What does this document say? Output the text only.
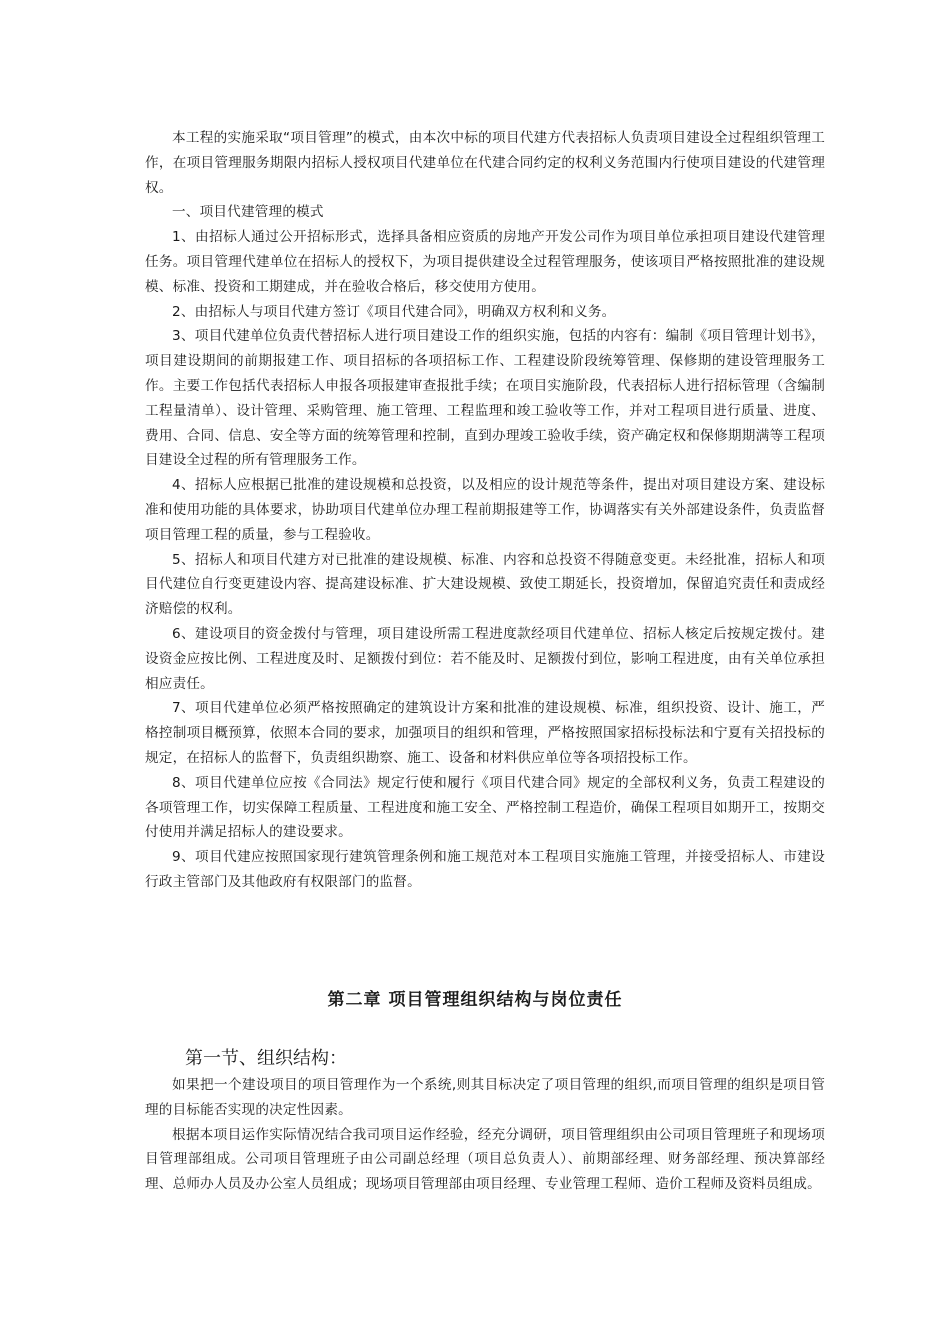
本工程的实施采取“项目管理”的模式，由本次中标的项目代建方代表招标人负责项目建设全过程组织管理工作，在项目管理服务期限内招标人授权项目代建单位在代建合同约定的权利义务范围内行使项目建设的代建管理权。

一、项目代建管理的模式

1、由招标人通过公开招标形式，选择具备相应资质的房地产开发公司作为项目单位承担项目建设代建管理任务。项目管理代建单位在招标人的授权下，为项目提供建设全过程管理服务，使该项目严格按照批准的建设规模、标准、投资和工期建成，并在验收合格后，移交使用方使用。

2、由招标人与项目代建方签订《项目代建合同》，明确双方权利和义务。

3、项目代建单位负责代替招标人进行项目建设工作的组织实施，包括的内容有：编制《项目管理计划书》，项目建设期间的前期报建工作、项目招标的各项招标工作、工程建设阶段统筹管理、保修期的建设管理服务工作。主要工作包括代表招标人申报各项报建审查报批手续；在项目实施阶段，代表招标人进行招标管理（含编制工程量清单）、设计管理、采购管理、施工管理、工程监理和竣工验收等工作，并对工程项目进行质量、进度、费用、合同、信息、安全等方面的统筹管理和控制，直到办理竣工验收手续，资产确定权和保修期期满等工程项目建设全过程的所有管理服务工作。

4、招标人应根据已批准的建设规模和总投资，以及相应的设计规范等条件，提出对项目建设方案、建设标准和使用功能的具体要求，协助项目代建单位办理工程前期报建等工作，协调落实有关外部建设条件，负责监督项目管理工程的质量，参与工程验收。

5、招标人和项目代建方对已批准的建设规模、标准、内容和总投资不得随意变更。未经批准，招标人和项目代建位自行变更建设内容、提高建设标准、扩大建设规模、致使工期延长，投资增加，保留追究责任和责成经济赔偿的权利。

6、建设项目的资金拨付与管理，项目建设所需工程进度款经项目代建单位、招标人核定后按规定拨付。建设资金应按比例、工程进度及时、足额拨付到位：若不能及时、足额拨付到位，影响工程进度，由有关单位承担相应责任。

7、项目代建单位必须严格按照确定的建筑设计方案和批准的建设规模、标准，组织投资、设计、施工，严格控制项目概预算，依照本合同的要求，加强项目的组织和管理，严格按照国家招标投标法和宁夏有关招投标的规定，在招标人的监督下，负责组织勘察、施工、设备和材料供应单位等各项招投标工作。

8、项目代建单位应按《合同法》规定行使和履行《项目代建合同》规定的全部权利义务，负责工程建设的各项管理工作，切实保障工程质量、工程进度和施工安全、严格控制工程造价，确保工程项目如期开工，按期交付使用并满足招标人的建设要求。

9、项目代建应按照国家现行建筑管理条例和施工规范对本工程项目实施施工管理，并接受招标人、市建设行政主管部门及其他政府有权限部门的监督。

第二章 项目管理组织结构与岗位责任
第一节、组织结构：

如果把一个建设项目的项目管理作为一个系统,则其目标决定了项目管理的组织,而项目管理的组织是项目管理的目标能否实现的决定性因素。

根据本项目运作实际情况结合我司项目运作经验，经充分调研，项目管理组织由公司项目管理班子和现场项目管理部组成。公司项目管理班子由公司副总经理（项目总负责人）、前期部经理、财务部经理、预决算部经理、总师办人员及办公室人员组成；现场项目管理部由项目经理、专业管理工程师、造价工程师及资料员组成。
